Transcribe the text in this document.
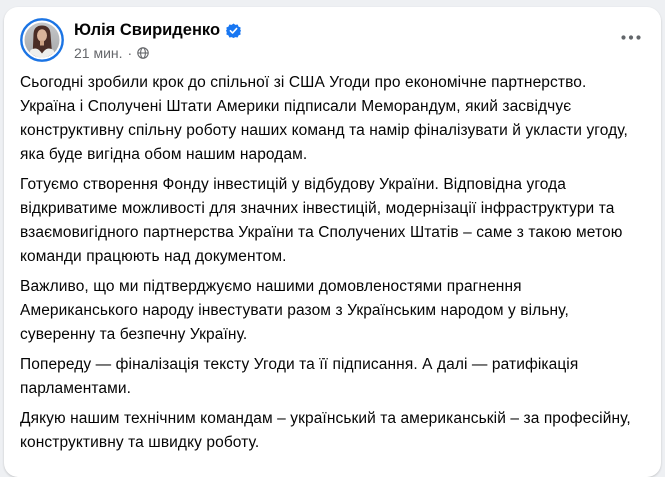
Юлія Свириденко
21 мин. ·

Сьогодні зробили крок до спільної зі США Угоди про економічне партнерство. Україна і Сполучені Штати Америки підписали Меморандум, який засвідчує конструктивну спільну роботу наших команд та намір фіналізувати й укласти угоду, яка буде вигідна обом нашим народам.

Готуємо створення Фонду інвестицій у відбудову України. Відповідна угода відкриватиме можливості для значних інвестицій, модернізації інфраструктури та взаємовигідного партнерства України та Сполучених Штатів – саме з такою метою команди працюють над документом.

Важливо, що ми підтверджуємо нашими домовленостями прагнення Американського народу інвестувати разом з Українським народом у вільну, суверенну та безпечну Україну.

Попереду — фіналізація тексту Угоди та її підписання. А далі — ратифікація парламентами.

Дякую нашим технічним командам – український та американській – за професійну, конструктивну та швидку роботу.
